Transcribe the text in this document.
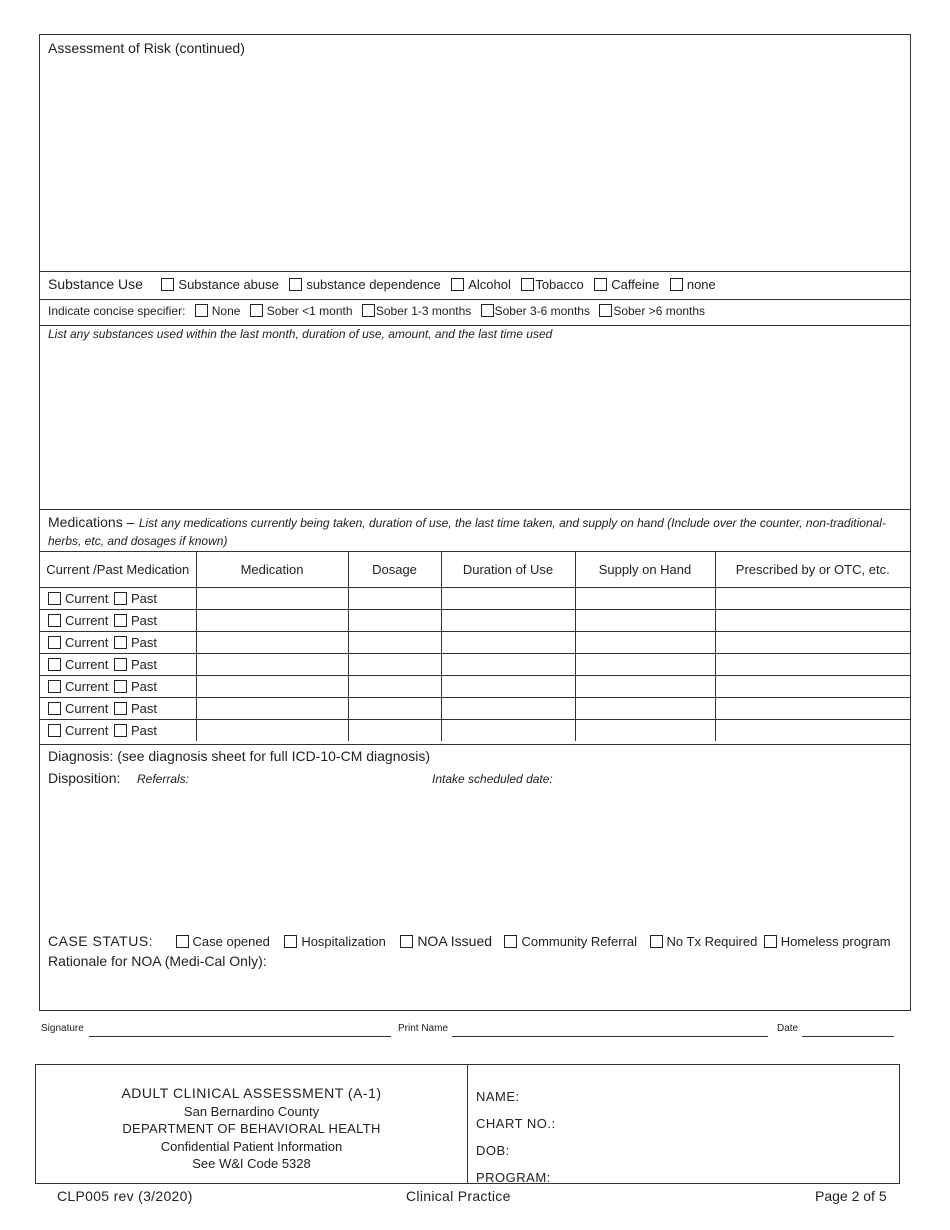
Assessment of Risk (continued)
Substance Use	Substance abuse substance dependence Alcohol Tobacco Caffeine none
Indicate concise specifier: None Sober <1 month Sober 1-3 months Sober 3-6 months Sober >6 months
List any substances used within the last month, duration of use, amount, and the last time used
Medications – List any medications currently being taken, duration of use, the last time taken, and supply on hand (Include over the counter, non-traditional-herbs, etc, and dosages if known)
Current /Past Medication	Medication	Dosage	Duration of Use	Supply on Hand	Prescribed by or OTC, etc.
Current Past					
Current Past					
Current Past					
Current Past					
Current Past					
Current Past					
Current Past					
Diagnosis: (see diagnosis sheet for full ICD-10-CM diagnosis)
Disposition: Referrals:	Intake scheduled date:
CASE STATUS:	Case opened Hospitalization NOA Issued Community Referral No Tx Required Homeless program
Rationale for NOA (Medi-Cal Only):
Signature	Print Name	Date
ADULT CLINICAL ASSESSMENT (A-1)
San Bernardino County
DEPARTMENT OF BEHAVIORAL HEALTH
Confidential Patient Information
See W&I Code 5328
NAME:
CHART NO.:
DOB:
PROGRAM:
CLP005 rev (3/2020)	Clinical Practice	Page 2 of 5
